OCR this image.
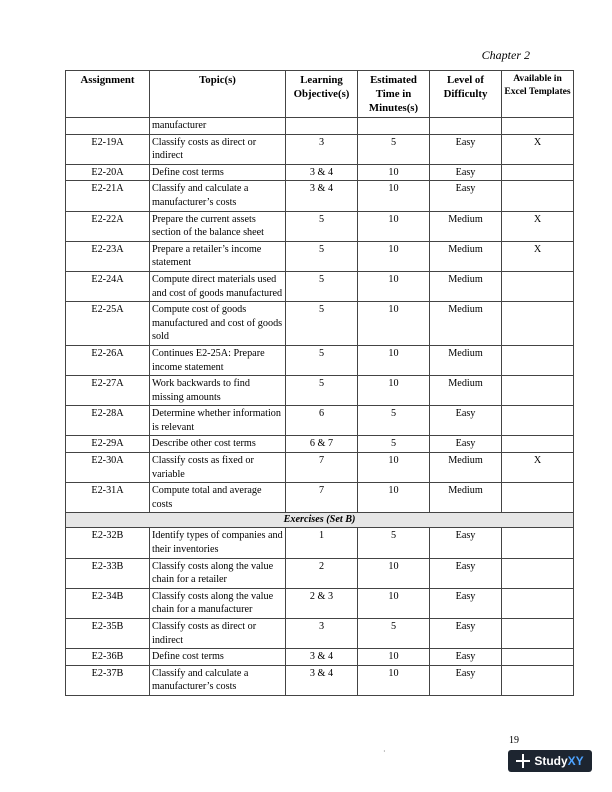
Chapter 2
Assignment	Topic(s)	Learning Objective(s)	Estimated Time in Minutes(s)	Level of Difficulty	Available in Excel Templates
	manufacturer				
E2-19A	Classify costs as direct or indirect	3	5	Easy	X
E2-20A	Define cost terms	3 & 4	10	Easy	
E2-21A	Classify and calculate a manufacturer’s costs	3 & 4	10	Easy	
E2-22A	Prepare the current assets section of the balance sheet	5	10	Medium	X
E2-23A	Prepare a retailer’s income statement	5	10	Medium	X
E2-24A	Compute direct materials used and cost of goods manufactured	5	10	Medium	
E2-25A	Compute cost of goods manufactured and cost of goods sold	5	10	Medium	
E2-26A	Continues E2-25A: Prepare income statement	5	10	Medium	
E2-27A	Work backwards to find missing amounts	5	10	Medium	
E2-28A	Determine whether information is relevant	6	5	Easy	
E2-29A	Describe other cost terms	6 & 7	5	Easy	
E2-30A	Classify costs as fixed or variable	7	10	Medium	X
E2-31A	Compute total and average costs	7	10	Medium	
Exercises (Set B)					
E2-32B	Identify types of companies and their inventories	1	5	Easy	
E2-33B	Classify costs along the value chain for a retailer	2	10	Easy	
E2-34B	Classify costs along the value chain for a manufacturer	2 & 3	10	Easy	
E2-35B	Classify costs as direct or indirect	3	5	Easy	
E2-36B	Define cost terms	3 & 4	10	Easy	
E2-37B	Classify and calculate a manufacturer’s costs	3 & 4	10	Easy	
19
·
StudyXY
